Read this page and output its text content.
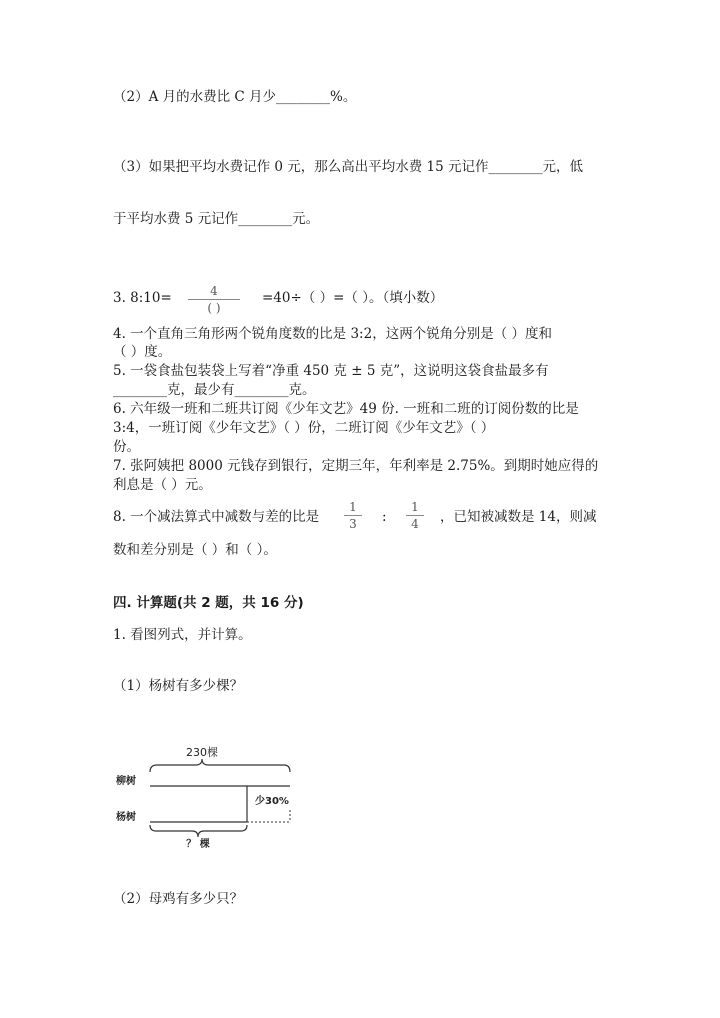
（2）A 月的水费比 C 月少________%。
（3）如果把平均水费记作 0 元，那么高出平均水费 15 元记作________元，低
于平均水费 5 元记作________元。
3. 8:10=	4
( )
=40÷（ ）=（ ）。（填小数）
4. 一个直角三角形两个锐角度数的比是 3:2，这两个锐角分别是（ ）度和
（ ）度。
5. 一袋食盐包装袋上写着“净重 450 克 ± 5 克”，这说明这袋食盐最多有
________克，最少有________克。
6. 六年级一班和二班共订阅《少年文艺》49 份. 一班和二班的订阅份数的比是
3:4，一班订阅《少年文艺》（ ）份，二班订阅《少年文艺》（ ）
份。
7. 张阿姨把 8000 元钱存到银行，定期三年，年利率是 2.75%。到期时她应得的
利息是（ ）元。
8. 一个减法算式中减数与差的比是
1
3	:
1
4	，已知被减数是 14，则减
数和差分别是（ ）和（ ）。
四. 计算题(共 2 题，共 16 分)
1. 看图列式，并计算。
（1）杨树有多少棵？
230棵
柳树
少30%
杨树
？ 棵
（2）母鸡有多少只？
